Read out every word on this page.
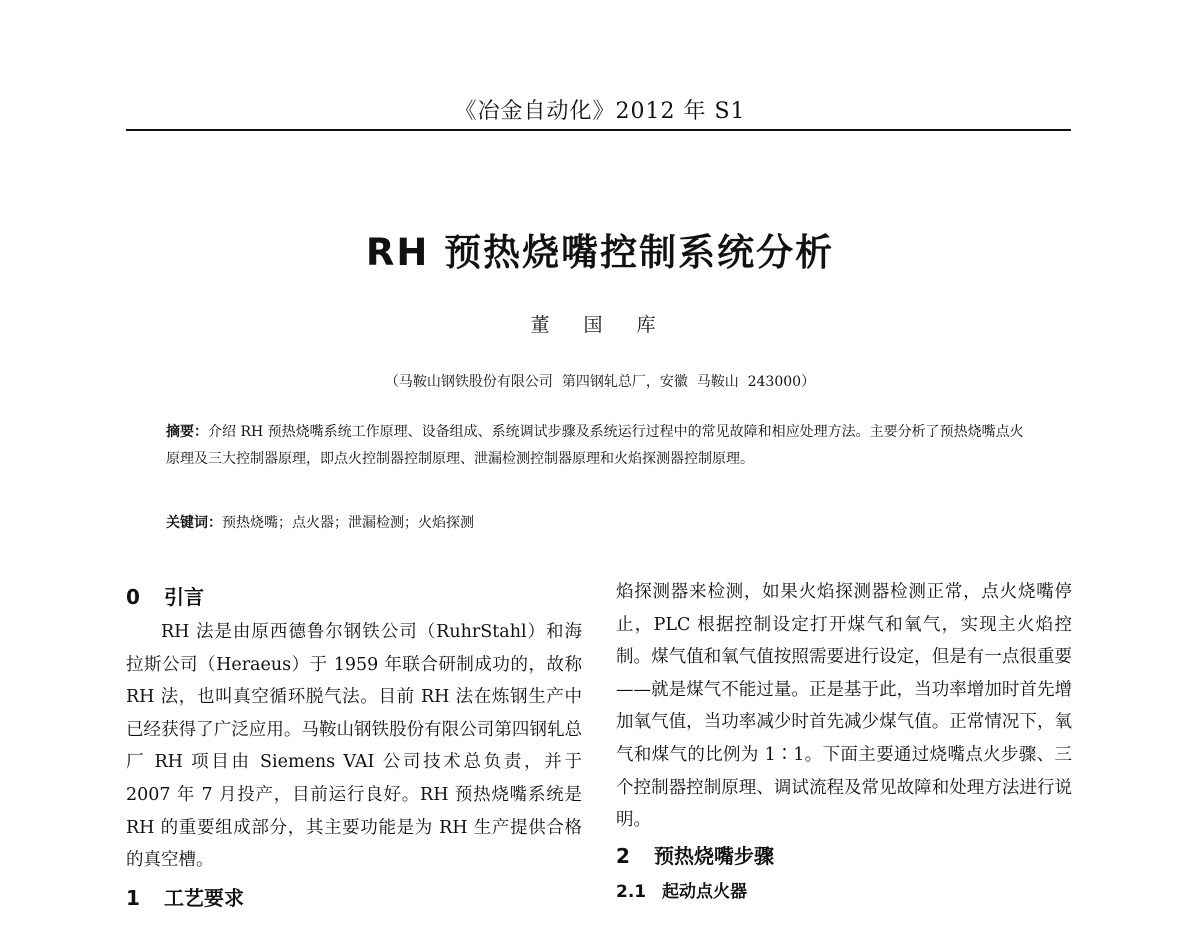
《冶金自动化》2012 年 S1
RH 预热烧嘴控制系统分析
董 国 库
（马鞍山钢铁股份有限公司  第四钢轧总厂，安徽  马鞍山  243000）
摘要：介绍 RH 预热烧嘴系统工作原理、设备组成、系统调试步骤及系统运行过程中的常见故障和相应处理方法。主要分析了预热烧嘴点火原理及三大控制器原理，即点火控制器控制原理、泄漏检测控制器原理和火焰探测器控制原理。
关键词：预热烧嘴；点火器；泄漏检测；火焰探测
0 引言

RH 法是由原西德鲁尔钢铁公司（RuhrStahl）和海拉斯公司（Heraeus）于 1959 年联合研制成功的，故称 RH 法，也叫真空循环脱气法。目前 RH 法在炼钢生产中已经获得了广泛应用。马鞍山钢铁股份有限公司第四钢轧总厂 RH 项目由 Siemens VAI 公司技术总负责，并于 2007 年 7 月投产，目前运行良好。RH 预热烧嘴系统是 RH 的重要组成部分，其主要功能是为 RH 生产提供合格的真空槽。

1 工艺要求

焰探测器来检测，如果火焰探测器检测正常，点火烧嘴停止，PLC 根据控制设定打开煤气和氧气，实现主火焰控制。煤气值和氧气值按照需要进行设定，但是有一点很重要——就是煤气不能过量。正是基于此，当功率增加时首先增加氧气值，当功率减少时首先减少煤气值。正常情况下，氧气和煤气的比例为 1∶1。下面主要通过烧嘴点火步骤、三个控制器控制原理、调试流程及常见故障和处理方法进行说明。

2 预热烧嘴步骤
2.1 起动点火器
